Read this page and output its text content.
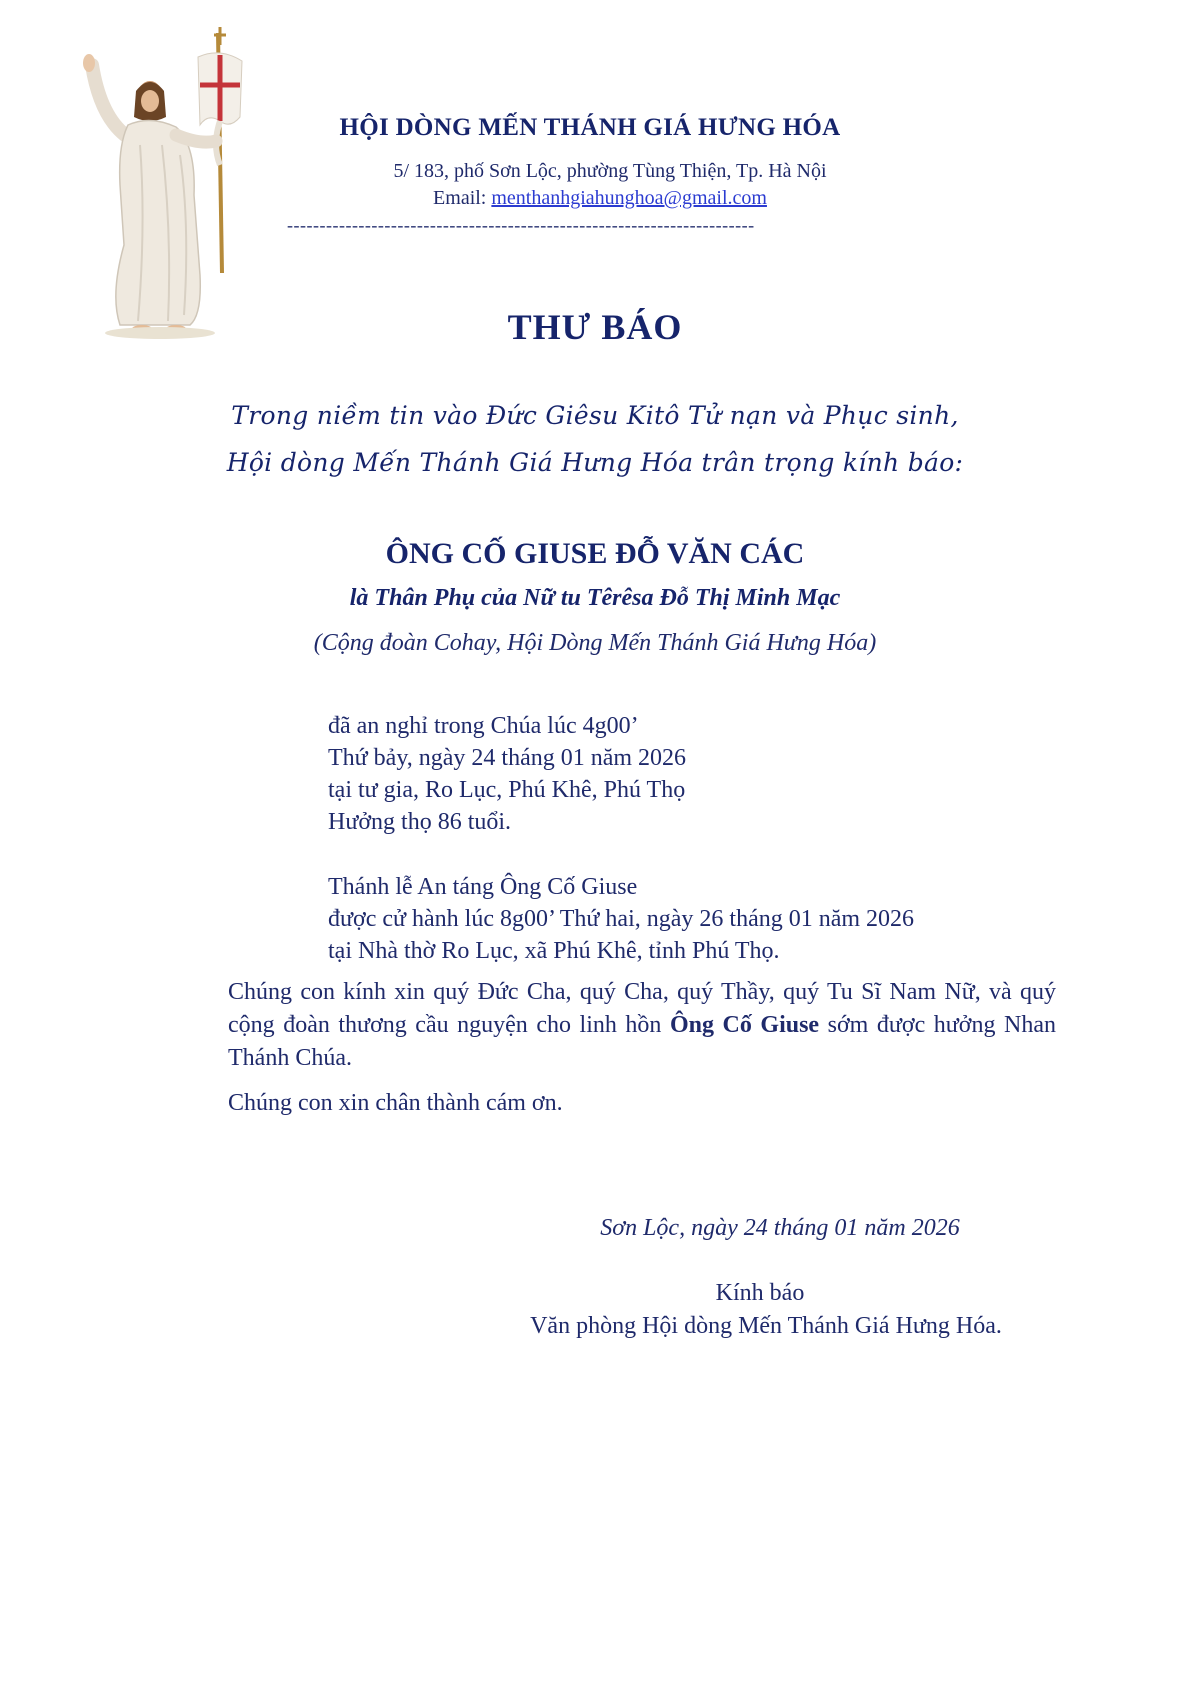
HỘI DÒNG MẾN THÁNH GIÁ HƯNG HÓA
5/ 183, phố Sơn Lộc, phường Tùng Thiện, Tp. Hà Nội
Email: menthanhgiahunghoa@gmail.com
------------------------------------------------------------------------
THƯ BÁO
Trong niềm tin vào Đức Giêsu Kitô Tử nạn và Phục sinh,
Hội dòng Mến Thánh Giá Hưng Hóa trân trọng kính báo:
ÔNG CỐ GIUSE ĐỖ VĂN CÁC
là Thân Phụ của Nữ tu Têrêsa Đỗ Thị Minh Mạc
(Cộng đoàn Cohay, Hội Dòng Mến Thánh Giá Hưng Hóa)
đã an nghỉ trong Chúa lúc 4g00’
Thứ bảy, ngày 24 tháng 01 năm 2026
tại tư gia, Ro Lục, Phú Khê, Phú Thọ
Hưởng thọ 86 tuổi.
Thánh lễ An táng Ông Cố Giuse
được cử hành lúc 8g00’ Thứ hai, ngày 26 tháng 01 năm 2026
tại Nhà thờ Ro Lục, xã Phú Khê, tỉnh Phú Thọ.
Chúng con kính xin quý Đức Cha, quý Cha, quý Thầy, quý Tu Sĩ Nam Nữ, và quý cộng đoàn thương cầu nguyện cho linh hồn Ông Cố Giuse sớm được hưởng Nhan Thánh Chúa.
Chúng con xin chân thành cám ơn.
Sơn Lộc, ngày 24 tháng 01 năm 2026
Kính báo
Văn phòng Hội dòng Mến Thánh Giá Hưng Hóa.
